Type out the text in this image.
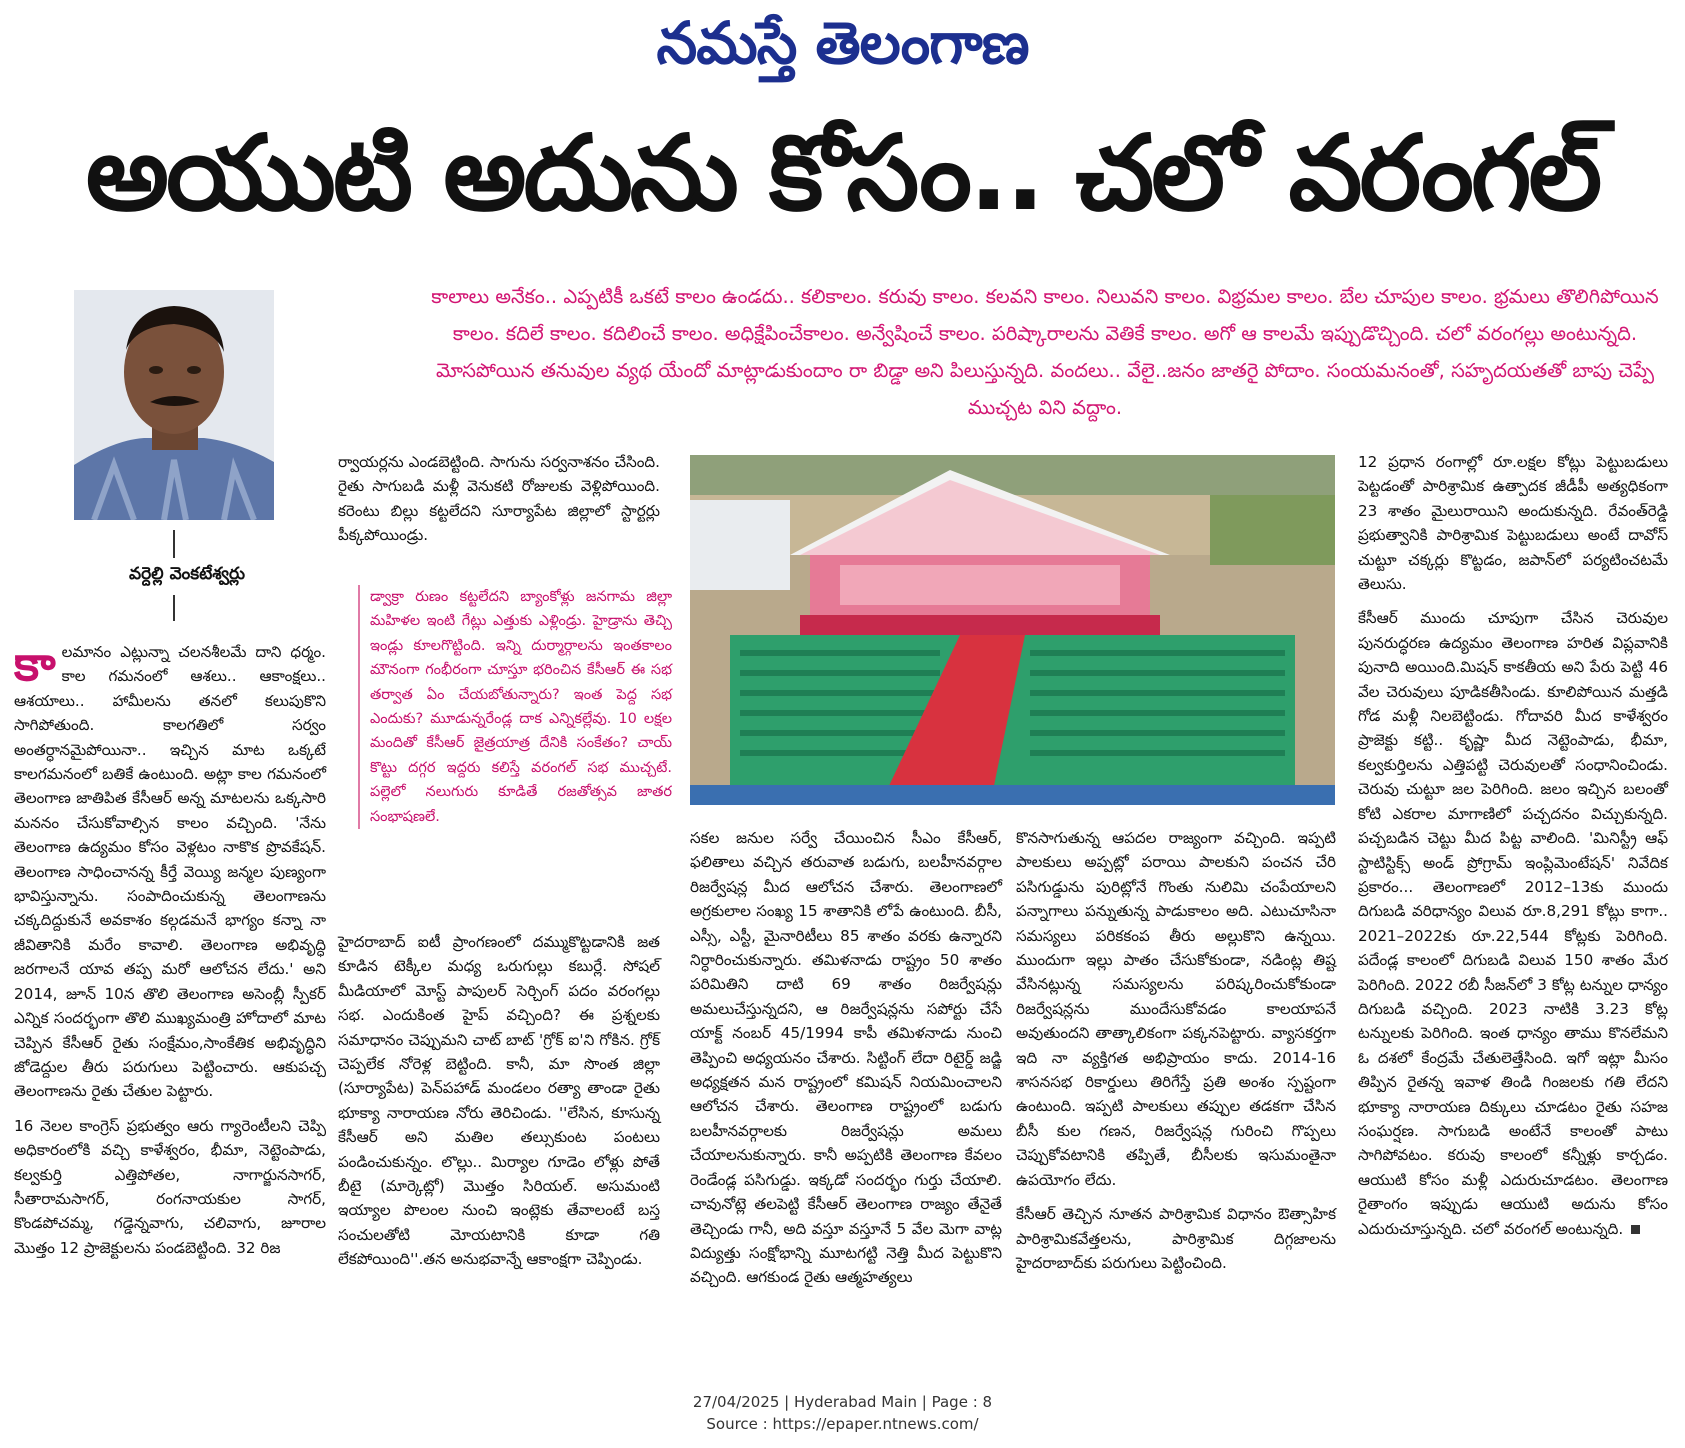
నమస్తే తెలంగాణ
అయుటి అదును కోసం.. చలో వరంగల్
వర్దెల్లి వెంకటేశ్వర్లు
కాలాలు అనేకం.. ఎప్పటికీ ఒకటే కాలం ఉండదు.. కలికాలం. కరువు కాలం. కలవని కాలం. నిలువని కాలం. విభ్రమల కాలం. బేల చూపుల కాలం. భ్రమలు తొలిగిపోయిన కాలం. కదిలే కాలం. కదిలించే కాలం. అధిక్షేపించేకాలం. అన్వేషించే కాలం. పరిష్కారాలను వెతికే కాలం. అగో ఆ కాలమే ఇప్పుడొచ్చింది. చలో వరంగల్లు అంటున్నది. మోసపోయిన తనువుల వ్యథ యేందో మాట్లాడుకుందాం రా బిడ్డా అని పిలుస్తున్నది. వందలు.. వేలై..జనం జాతరై పోదాం. సంయమనంతో, సహృదయతతో బాపు చెప్పే ముచ్చట విని వద్దాం.

కాలమానం ఎట్లున్నా చలనశీలమే దాని ధర్మం. కాల గమనంలో ఆశలు.. ఆకాంక్షలు.. ఆశయాలు.. హామీలను తనలో కలుపుకొని సాగిపోతుంది. కాలగతిలో సర్వం అంతర్ధానమైపోయినా.. ఇచ్చిన మాట ఒక్కటే కాలగమనంలో బతికే ఉంటుంది. అట్లా కాల గమనంలో తెలంగాణ జాతిపిత కేసీఆర్ అన్న మాటలను ఒక్కసారి మననం చేసుకోవాల్సిన కాలం వచ్చింది. 'నేను తెలంగాణ ఉద్యమం కోసం వెళ్లటం నాకొక ప్రొవకేషన్. తెలంగాణ సాధించానన్న కీర్తే వెయ్యి జన్మల పుణ్యంగా భావిస్తున్నాను. సంపాదించుకున్న తెలంగాణను చక్కదిద్దుకునే అవకాశం కల్గడమనే భాగ్యం కన్నా నా జీవితానికి మరేం కావాలి. తెలంగాణ అభివృద్ధి జరగాలనే యావ తప్ప మరో ఆలోచన లేదు.' అని 2014, జూన్ 10న తొలి తెలంగాణ అసెంబ్లీ స్పీకర్ ఎన్నిక సందర్భంగా తొలి ముఖ్యమంత్రి హోదాలో మాట చెప్పిన కేసీఆర్ రైతు సంక్షేమం,సాంకేతిక అభివృద్ధిని జోడెద్దుల తీరు పరుగులు పెట్టించారు. ఆకుపచ్చ తెలంగాణను రైతు చేతుల పెట్టారు.

16 నెలల కాంగ్రెస్ ప్రభుత్వం ఆరు గ్యారెంటీలని చెప్పి అధికారంలోకి వచ్చి కాళేశ్వరం, భీమా, నెట్టెంపాడు, కల్వకుర్తి ఎత్తిపోతల, నాగార్జునసాగర్, సీతారామసాగర్, రంగనాయకుల సాగర్, కొండపోచమ్మ, గడ్డెన్నవాగు, చలివాగు, జూరాల మొత్తం 12 ప్రాజెక్టులను పండబెట్టింది. 32 రిజ

ర్వాయర్లను ఎండబెట్టింది. సాగును సర్వనాశనం చేసింది. రైతు సాగుబడి మళ్లీ వెనుకటి రోజులకు వెళ్లిపోయింది. కరెంటు బిల్లు కట్టలేదని సూర్యాపేట జిల్లాలో స్టార్టర్లు పీక్కపోయిండ్రు.

డ్వాక్రా రుణం కట్టలేదని బ్యాంకోళ్లు జనగామ జిల్లా మహిళల ఇంటి గేట్లు ఎత్తుకు ఎళ్లిండ్రు. హైడ్రాను తెచ్చి ఇండ్లు కూలగొట్టింది. ఇన్ని దుర్మార్గాలను ఇంతకాలం మౌనంగా గంభీరంగా చూస్తూ భరించిన కేసీఆర్ ఈ సభ తర్వాత ఏం చేయబోతున్నారు? ఇంత పెద్ద సభ ఎందుకు? మూడున్నరేండ్ల దాక ఎన్నికల్లేవు. 10 లక్షల మందితో కేసీఆర్ జైత్రయాత్ర దేనికి సంకేతం? చాయ్ కొట్టు దగ్గర ఇద్దరు కలిస్తే వరంగల్ సభ ముచ్చటే. పల్లెలో నలుగురు కూడితే రజతోత్సవ జాతర సంభాషణలే.

హైదరాబాద్ ఐటీ ప్రాంగణంలో దమ్ముకొట్టడానికి జత కూడిన టెక్కీల మధ్య ఒరుగుల్లు కబుర్లే. సోషల్ మీడియాలో మోస్ట్ పాపులర్ సెర్చింగ్ పదం వరంగల్లు సభ. ఎందుకింత హైప్ వచ్చింది? ఈ ప్రశ్నలకు సమాధానం చెప్పుమని చాట్ బాట్ 'గ్రోక్ ఐ'ని గోకిన. గ్రోక్ చెప్పలేక నోరెళ్ల బెట్టింది. కానీ, మా సొంత జిల్లా (సూర్యాపేట) పెన్‌పహాడ్ మండలం రత్యా తాండా రైతు భూక్యా నారాయణ నోరు తెరిచిండు. ''లేసిన, కూసున్న కేసీఆర్ అని మతిల తల్సుకుంట పంటలు పండించుకున్నం. లొల్లు.. మిర్యాల గూడెం లోళ్లు పోతే బీటై (మార్కెట్లో) మొత్తం సిరియల్. అసుమంటి ఇయ్యాల పొలంల నుంచి ఇంట్లెకు తేవాలంటే బస్త సంచులతోటి మోయటానికి కూడా గతి లేకపోయింది''.తన అనుభవాన్నే ఆకాంక్షగా చెప్పిండు.

సకల జనుల సర్వే చేయించిన సీఎం కేసీఆర్, ఫలితాలు వచ్చిన తరువాత బడుగు, బలహీనవర్గాల రిజర్వేషన్ల మీద ఆలోచన చేశారు. తెలంగాణలో అగ్రకులాల సంఖ్య 15 శాతానికి లోపే ఉంటుంది. బీసీ, ఎస్సీ, ఎస్టీ, మైనారిటీలు 85 శాతం వరకు ఉన్నారని నిర్ధారించుకున్నారు. తమిళనాడు రాష్ట్రం 50 శాతం పరిమితిని దాటి 69 శాతం రిజర్వేషన్లు అమలుచేస్తున్నదని, ఆ రిజర్వేషన్లను సపోర్టు చేసే యాక్ట్ నంబర్ 45/1994 కాపీ తమిళనాడు నుంచి తెప్పించి అధ్యయనం చేశారు. సిట్టింగ్ లేదా రిటైర్డ్ జడ్జి అధ్యక్షతన మన రాష్ట్రంలో కమిషన్ నియమించాలని ఆలోచన చేశారు. తెలంగాణ రాష్ట్రంలో బడుగు బలహీనవర్గాలకు రిజర్వేషన్లు అమలు చేయాలనుకున్నారు. కానీ అప్పటికి తెలంగాణ కేవలం రెండేండ్ల పసిగుడ్డు. ఇక్కడో సందర్భం గుర్తు చేయాలి. చావునోట్లె తలపెట్టి కేసీఆర్ తెలంగాణ రాజ్యం తేనైతే తెచ్చిండు గానీ, అది వస్తూ వస్తూనే 5 వేల మెగా వాట్ల విద్యుత్తు సంక్షోభాన్ని మూటగట్టి నెత్తి మీద పెట్టుకొని వచ్చింది. ఆగకుండ రైతు ఆత్మహత్యలు

కొనసాగుతున్న ఆపదల రాజ్యంగా వచ్చింది. ఇప్పటి పాలకులు అప్పట్లో పరాయి పాలకుని పంచన చేరి పసిగుడ్డును పురిట్లోనే గొంతు నులిమి చంపేయాలని పన్నాగాలు పన్నుతున్న పాడుకాలం అది. ఎటుచూసినా సమస్యలు పరికకంప తీరు అల్లుకొని ఉన్నయి. ముందుగా ఇల్లు పాతం చేసుకోకుండా, నడింట్ల తిష్ట వేసినట్లున్న సమస్యలను పరిష్కరించుకోకుండా రిజర్వేషన్లను ముందేసుకోవడం కాలయాపనే అవుతుందని తాత్కాలికంగా పక్కనపెట్టారు. వ్యాసకర్తగా ఇది నా వ్యక్తిగత అభిప్రాయం కాదు. 2014-16 శాసనసభ రికార్డులు తిరిగేస్తే ప్రతి అంశం స్పష్టంగా ఉంటుంది. ఇప్పటి పాలకులు తప్పుల తడకగా చేసిన బీసీ కుల గణన, రిజర్వేషన్ల గురించి గొప్పలు చెప్పుకోవటానికి తప్పితే, బీసీలకు ఇసుమంతైనా ఉపయోగం లేదు.

కేసీఆర్ తెచ్చిన నూతన పారిశ్రామిక విధానం ఔత్సాహిక పారిశ్రామికవేత్తలను, పారిశ్రామిక దిగ్గజాలను హైదరాబాద్‌కు పరుగులు పెట్టించింది.

12 ప్రధాన రంగాల్లో రూ.లక్షల కోట్లు పెట్టుబడులు పెట్టడంతో పారిశ్రామిక ఉత్పాదక జీడీపీ అత్యధికంగా 23 శాతం మైలురాయిని అందుకున్నది. రేవంత్‌రెడ్డి ప్రభుత్వానికి పారిశ్రామిక పెట్టుబడులు అంటే దావోస్ చుట్టూ చక్కర్లు కొట్టడం, జపాన్‌లో పర్యటించటమే తెలుసు.

కేసీఆర్ ముందు చూపుగా చేసిన చెరువుల పునరుద్ధరణ ఉద్యమం తెలంగాణ హరిత విప్లవానికి పునాది అయింది.మిషన్ కాకతీయ అని పేరు పెట్టి 46 వేల చెరువులు పూడికతీసిండు. కూలిపోయిన మత్తడి గోడ మళ్లీ నిలబెట్టిండు. గోదావరి మీద కాళేశ్వరం ప్రాజెక్టు కట్టి.. కృష్ణా మీద నెట్టెంపాడు, భీమా, కల్వకుర్తిలను ఎత్తిపట్టి చెరువులతో సంధానించిండు. చెరువు చుట్టూ జల పెరిగింది. జలం ఇచ్చిన బలంతో కోటి ఎకరాల మాగాణిలో పచ్చదనం విచ్చుకున్నది. పచ్చబడిన చెట్టు మీద పిట్ట వాలింది. 'మినిస్ట్రీ ఆఫ్ స్టాటిస్టిక్స్ అండ్ ప్రోగ్రామ్ ఇంప్లిమెంటేషన్' నివేదిక ప్రకారం... తెలంగాణలో 2012–13కు ముందు దిగుబడి వరిధాన్యం విలువ రూ.8,291 కోట్లు కాగా.. 2021–2022కు రూ.22,544 కోట్లకు పెరిగింది. పదేండ్ల కాలంలో దిగుబడి విలువ 150 శాతం మేర పెరిగింది. 2022 రబీ సీజన్‌లో 3 కోట్ల టన్నుల ధాన్యం దిగుబడి వచ్చింది. 2023 నాటికి 3.23 కోట్ల టన్నులకు పెరిగింది. ఇంత ధాన్యం తాము కొనలేమని ఓ దశలో కేంద్రమే చేతులెత్తేసింది. ఇగో ఇట్లా మీసం తిప్పిన రైతన్న ఇవాళ తిండి గింజలకు గతి లేదని భూక్యా నారాయణ దిక్కులు చూడటం రైతు సహజ సంఘర్షణ. సాగుబడి అంటేనే కాలంతో పాటు సాగిపోవటం. కరువు కాలంలో కన్నీళ్లు కార్చడం. ఆయుటి కోసం మళ్లీ ఎదురుచూడటం. తెలంగాణ రైతాంగం ఇప్పుడు ఆయుటి అదును కోసం ఎదురుచూస్తున్నది. చలో వరంగల్ అంటున్నది.

27/04/2025 | Hyderabad Main | Page : 8
Source : https://epaper.ntnews.com/
